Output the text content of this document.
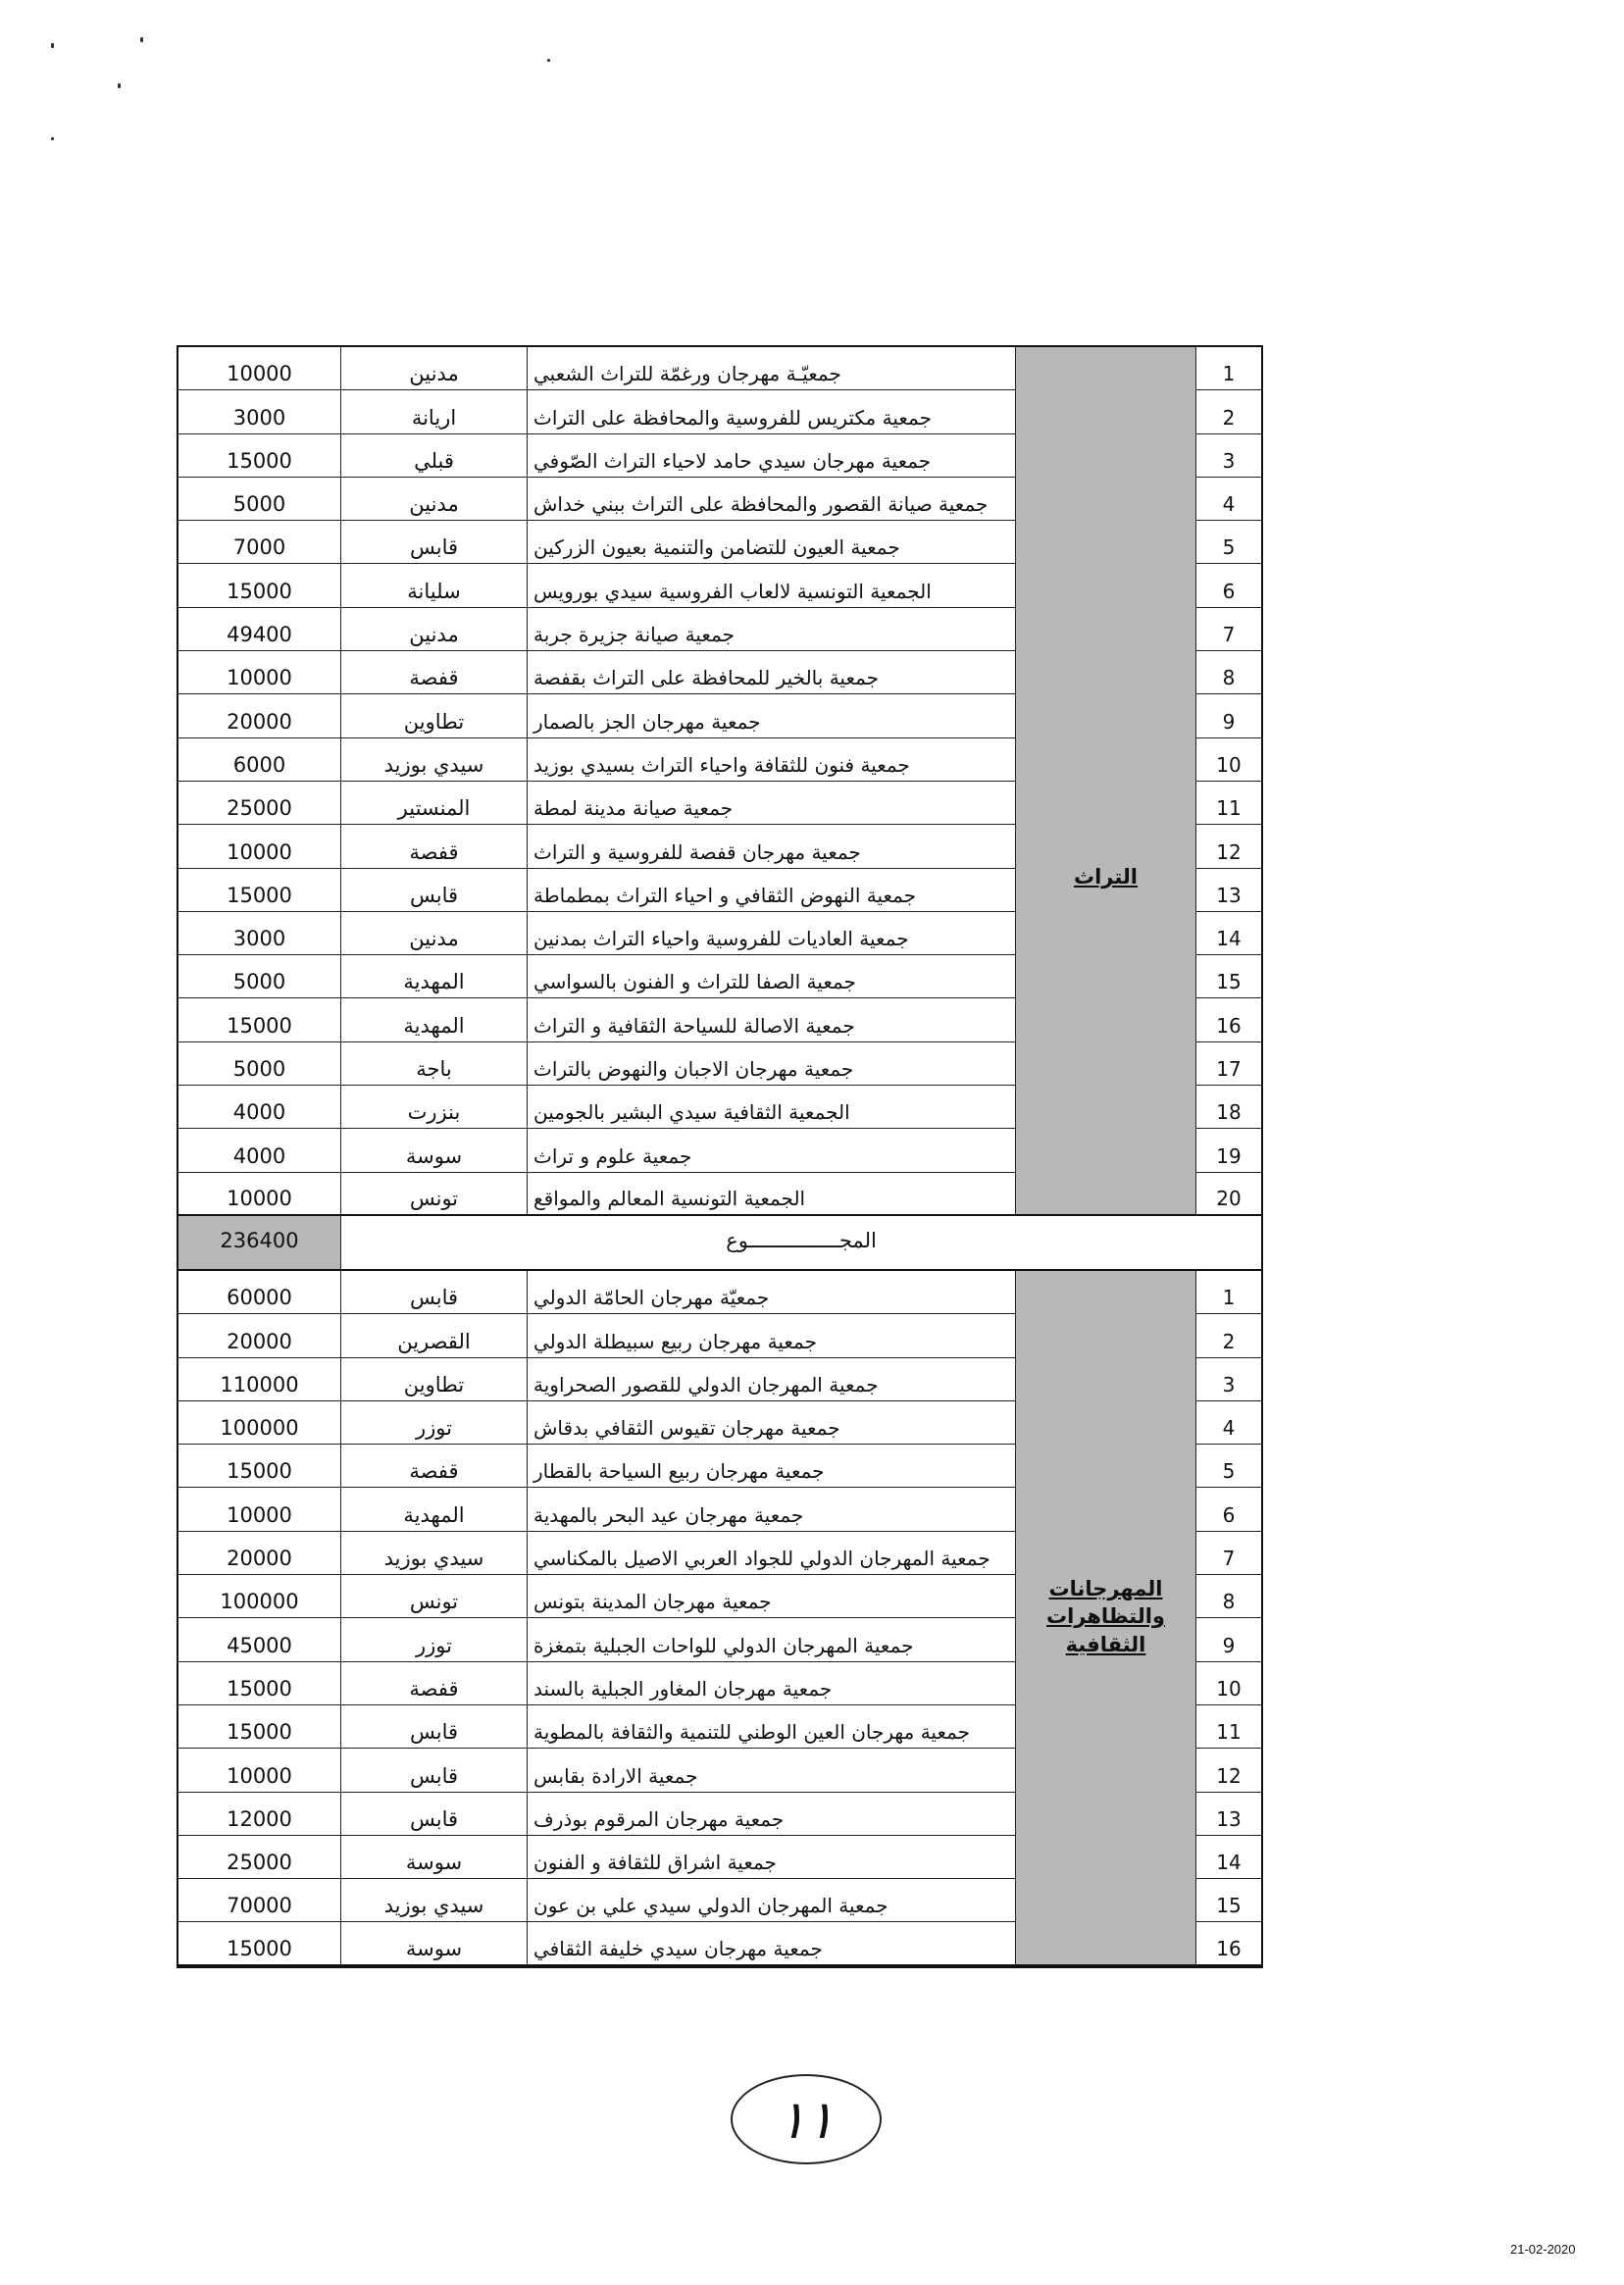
10000	مدنين	جمعيّـة مهرجان ورغمّة للتراث الشعبي	1
3000	اريانة	جمعية مكتريس للفروسية والمحافظة على التراث	2
15000	قبلي	جمعية مهرجان سيدي حامد لاحياء التراث الصّوفي	3
5000	مدنين	جمعية صيانة القصور والمحافظة على التراث ببني خداش	4
7000	قابس	جمعية العيون للتضامن والتنمية بعيون الزركين	5
15000	سليانة	الجمعية التونسية لالعاب الفروسية سيدي بورويس	6
49400	مدنين	جمعية صيانة جزيرة جربة	7
10000	قفصة	جمعية بالخير للمحافظة على التراث بقفصة	8
20000	تطاوين	جمعية مهرجان الجز بالصمار	9
6000	سيدي بوزيد	جمعية فنون للثقافة واحياء التراث بسيدي بوزيد	10
25000	المنستير	جمعية صيانة مدينة لمطة	11
10000	قفصة	جمعية مهرجان قفصة للفروسية و التراث	12
15000	قابس	جمعية النهوض الثقافي و احياء التراث بمطماطة	13
3000	مدنين	جمعية العاديات للفروسية واحياء التراث بمدنين	14
5000	المهدية	جمعية الصفا للتراث و الفنون بالسواسي	15
15000	المهدية	جمعية الاصالة للسياحة الثقافية و التراث	16
5000	باجة	جمعية مهرجان الاجبان والنهوض بالتراث	17
4000	بنزرت	الجمعية الثقافية سيدي البشير بالجومين	18
4000	سوسة	جمعية علوم و تراث	19
10000	تونس	الجمعية التونسية المعالم والمواقع	20
التراث
236400	المجـــــــــــــــوع
60000	قابس	جمعيّة مهرجان الحامّة الدولي	1
20000	القصرين	جمعية مهرجان ربيع سبيطلة الدولي	2
110000	تطاوين	جمعية المهرجان الدولي للقصور الصحراوية	3
100000	توزر	جمعية مهرجان تقيوس الثقافي بدقاش	4
15000	قفصة	جمعية مهرجان ربيع السياحة بالقطار	5
10000	المهدية	جمعية مهرجان عيد البحر بالمهدية	6
20000	سيدي بوزيد	جمعية المهرجان الدولي للجواد العربي الاصيل بالمكناسي	7
100000	تونس	جمعية مهرجان المدينة بتونس	8
45000	توزر	جمعية المهرجان الدولي للواحات الجبلية بتمغزة	9
15000	قفصة	جمعية مهرجان المغاور الجبلية بالسند	10
15000	قابس	جمعية مهرجان العين الوطني للتنمية والثقافة بالمطوية	11
10000	قابس	جمعية الارادة بقابس	12
12000	قابس	جمعية مهرجان المرقوم بوذرف	13
25000	سوسة	جمعية اشراق للثقافة و الفنون	14
70000	سيدي بوزيد	جمعية المهرجان الدولي سيدي علي بن عون	15
15000	سوسة	جمعية مهرجان سيدي خليفة الثقافي	16
المهرجانات
والتظاهرات الثقافية
١١
21-02-2020
